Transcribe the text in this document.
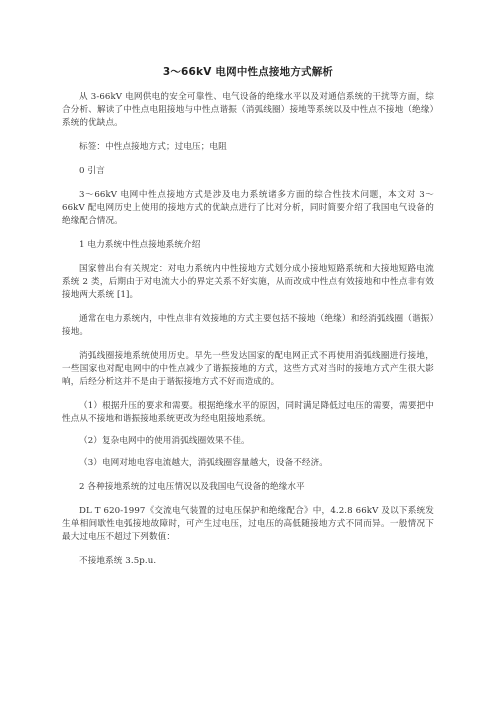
3～66kV 电网中性点接地方式解析

从 3-66kV 电网供电的安全可靠性、电气设备的绝缘水平以及对通信系统的干扰等方面，综合分析、解读了中性点电阻接地与中性点谐振（消弧线圈）接地等系统以及中性点不接地（绝缘）系统的优缺点。

标签：中性点接地方式；过电压；电阻

0 引言

3～66kV 电网中性点接地方式是涉及电力系统诸多方面的综合性技术问题，本文对 3～66kV 配电网历史上使用的接地方式的优缺点进行了比对分析，同时简要介绍了我国电气设备的绝缘配合情况。

1 电力系统中性点接地系统介绍

国家曾出台有关规定：对电力系统内中性接地方式划分成小接地短路系统和大接地短路电流系统 2 类，后期由于对电流大小的界定关系不好实施，从而改成中性点有效接地和中性点非有效接地两大系统 [1]。

通常在电力系统内，中性点非有效接地的方式主要包括不接地（绝缘）和经消弧线圈（谐振）接地。

消弧线圈接地系统使用历史。早先一些发达国家的配电网正式不再使用消弧线圈进行接地，一些国家也对配电网中的中性点减少了谐振接地的方式，这些方式对当时的接地方式产生很大影响，后经分析这并不是由于谐振接地方式不好而造成的。

（1）根据升压的要求和需要。根据绝缘水平的原因，同时满足降低过电压的需要，需要把中性点从不接地和谐振接地系统更改为经电阻接地系统。

（2）复杂电网中的使用消弧线圈效果不佳。

（3）电网对地电容电流越大，消弧线圈容量越大，设备不经济。

2 各种接地系统的过电压情况以及我国电气设备的绝缘水平

DL T 620-1997《交流电气装置的过电压保护和绝缘配合》中，4.2.8 66kV 及以下系统发生单相间歇性电弧接地故障时，可产生过电压，过电压的高低随接地方式不同而异。一般情况下最大过电压不超过下列数值：

不接地系统 3.5p.u.
